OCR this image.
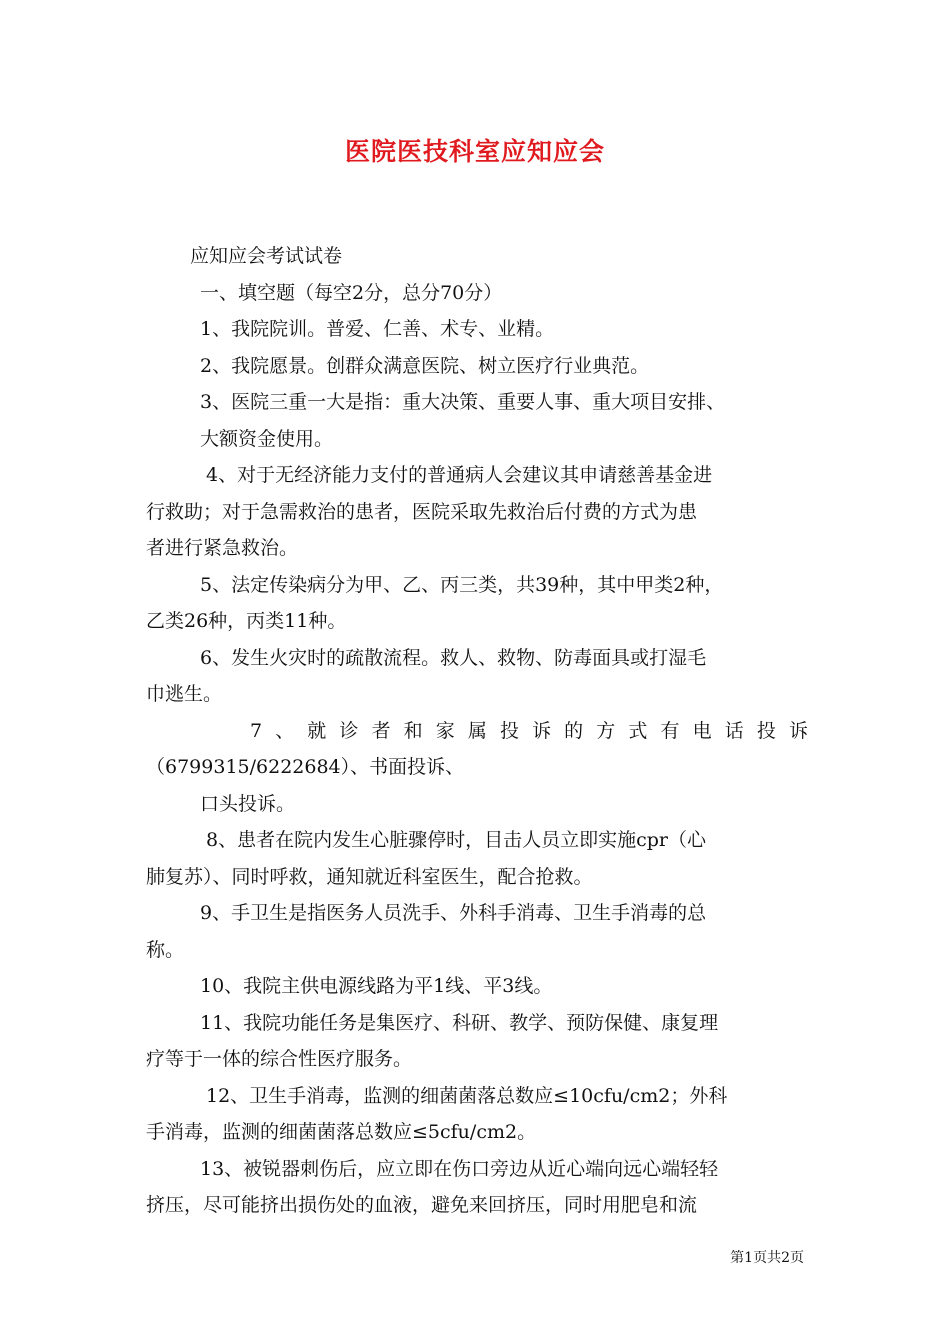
医院医技科室应知应会
应知应会考试试卷
一、填空题（每空2分，总分70分）
1、我院院训。普爱、仁善、术专、业精。
2、我院愿景。创群众满意医院、树立医疗行业典范。
3、医院三重一大是指：重大决策、重要人事、重大项目安排、
大额资金使用。
4、对于无经济能力支付的普通病人会建议其申请慈善基金进
行救助；对于急需救治的患者，医院采取先救治后付费的方式为患
者进行紧急救治。
5、法定传染病分为甲、乙、丙三类，共39种，其中甲类2种，
乙类26种，丙类11种。
6、发生火灾时的疏散流程。救人、救物、防毒面具或打湿毛
巾逃生。
7 、 就 诊 者 和 家 属 投 诉 的 方 式 有 电 话 投 诉
（6799315/6222684）、书面投诉、
口头投诉。
8、患者在院内发生心脏骤停时，目击人员立即实施cpr（心
肺复苏）、同时呼救，通知就近科室医生，配合抢救。
9、手卫生是指医务人员洗手、外科手消毒、卫生手消毒的总
称。
10、我院主供电源线路为平1线、平3线。
11、我院功能任务是集医疗、科研、教学、预防保健、康复理
疗等于一体的综合性医疗服务。
12、卫生手消毒，监测的细菌菌落总数应≤10cfu/cm2；外科
手消毒，监测的细菌菌落总数应≤5cfu/cm2。
13、被锐器刺伤后，应立即在伤口旁边从近心端向远心端轻轻
挤压，尽可能挤出损伤处的血液，避免来回挤压，同时用肥皂和流
第1页共2页
